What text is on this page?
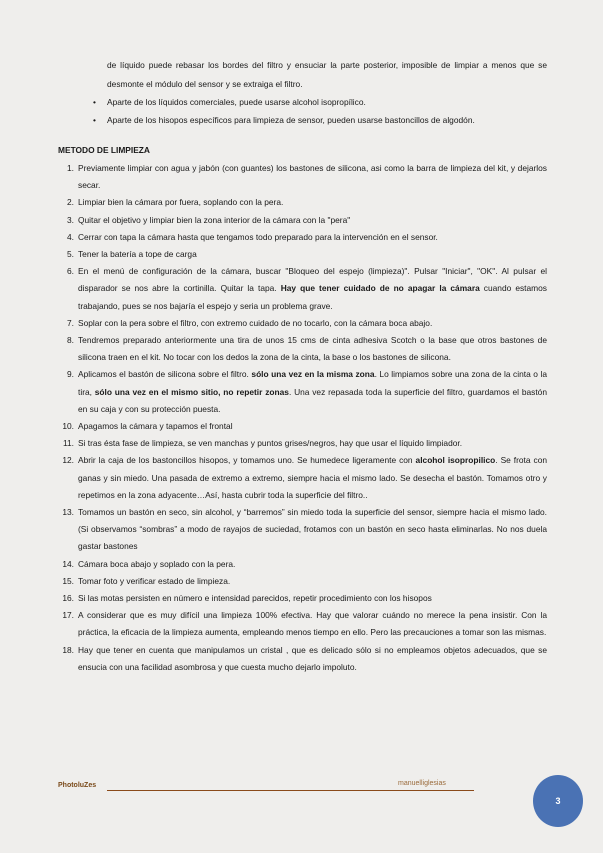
de líquido puede rebasar los bordes del filtro y ensuciar la parte posterior, imposible de limpiar a menos que se desmonte el módulo del sensor y se extraiga el filtro.
• Aparte de los líquidos comerciales, puede usarse alcohol isopropílico.
• Aparte de los hisopos específicos para limpieza de sensor, pueden usarse bastoncillos de algodón.
METODO DE LIMPIEZA
1. Previamente limpiar con agua y jabón (con guantes) los bastones de silicona, asi como la barra de limpieza del kit, y dejarlos secar.
2. Limpiar bien la cámara por fuera, soplando con la pera.
3. Quitar el objetivo y limpiar bien la zona interior de la cámara con la "pera"
4. Cerrar con tapa la cámara hasta que tengamos todo preparado para la intervención en el sensor.
5. Tener la batería a tope de carga
6. En el menú de configuración de la cámara, buscar "Bloqueo del espejo (limpieza)". Pulsar "Iniciar", "OK". Al pulsar el disparador se nos abre la cortinilla. Quitar la tapa. Hay que tener cuidado de no apagar la cámara cuando estamos trabajando, pues se nos bajaría el espejo y seria un problema grave.
7. Soplar con la pera sobre el filtro, con extremo cuidado de no tocarlo, con la cámara boca abajo.
8. Tendremos preparado anteriormente una tira de unos 15 cms de cinta adhesiva Scotch o la base que otros bastones de silicona traen en el kit. No tocar con los dedos la zona de la cinta, la base o los bastones de silicona.
9. Aplicamos el bastón de silicona sobre el filtro. sólo una vez en la misma zona. Lo limpiamos sobre una zona de la cinta o la tira, sólo una vez en el mismo sitio, no repetir zonas. Una vez repasada toda la superficie del filtro, guardamos el bastón en su caja y con su protección puesta.
10. Apagamos la cámara y tapamos el frontal
11. Si tras ésta fase de limpieza, se ven manchas y puntos grises/negros, hay que usar el líquido limpiador.
12. Abrir la caja de los bastoncillos hisopos, y tomamos uno. Se humedece ligeramente con alcohol isopropilico. Se frota con ganas y sin miedo. Una pasada de extremo a extremo, siempre hacia el mismo lado. Se desecha el bastón. Tomamos otro y repetimos en la zona adyacente…Así, hasta cubrir toda la superficie del filtro..
13. Tomamos un bastón en seco, sin alcohol, y “barremos” sin miedo toda la superficie del sensor, siempre hacia el mismo lado. (Si observamos “sombras” a modo de rayajos de suciedad, frotamos con un bastón en seco hasta eliminarlas. No nos duela gastar bastones
14. Cámara boca abajo y soplado con la pera.
15. Tomar foto y verificar estado de limpieza.
16. Si las motas persisten en número e intensidad parecidos, repetir procedimiento con los hisopos
17. A considerar que es muy difícil una limpieza 100% efectiva. Hay que valorar cuándo no merece la pena insistir. Con la práctica, la eficacia de la limpieza aumenta, empleando menos tiempo en ello. Pero las precauciones a tomar son las mismas.
18. Hay que tener en cuenta que manipulamos un cristal , que es delicado sólo si no empleamos objetos adecuados, que se ensucia con una facilidad asombrosa y que cuesta mucho dejarlo impoluto.
PhotoluZes	manuelliglesias
3
